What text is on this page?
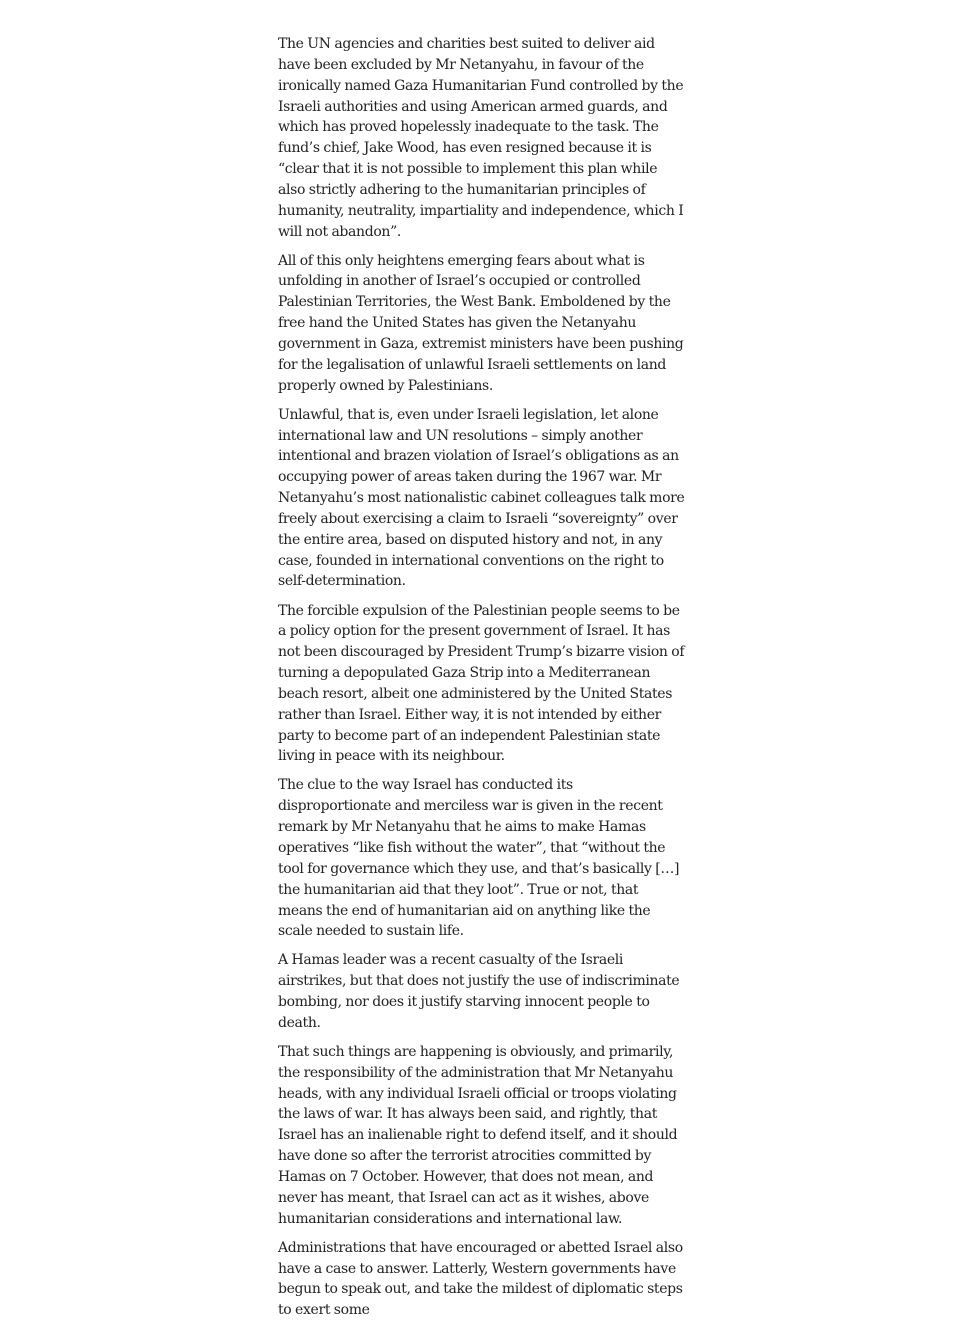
The UN agencies and charities best suited to deliver aid have been excluded by Mr Netanyahu, in favour of the ironically named Gaza Humanitarian Fund controlled by the Israeli authorities and using American armed guards, and which has proved hopelessly inadequate to the task. The fund’s chief, Jake Wood, has even resigned because it is “clear that it is not possible to implement this plan while also strictly adhering to the humanitarian principles of humanity, neutrality, impartiality and independence, which I will not abandon”.

All of this only heightens emerging fears about what is unfolding in another of Israel’s occupied or controlled Palestinian Territories, the West Bank. Emboldened by the free hand the United States has given the Netanyahu government in Gaza, extremist ministers have been pushing for the legalisation of unlawful Israeli settlements on land properly owned by Palestinians.

Unlawful, that is, even under Israeli legislation, let alone international law and UN resolutions – simply another intentional and brazen violation of Israel’s obligations as an occupying power of areas taken during the 1967 war. Mr Netanyahu’s most nationalistic cabinet colleagues talk more freely about exercising a claim to Israeli “sovereignty” over the entire area, based on disputed history and not, in any case, founded in international conventions on the right to self-determination.

The forcible expulsion of the Palestinian people seems to be a policy option for the present government of Israel. It has not been discouraged by President Trump’s bizarre vision of turning a depopulated Gaza Strip into a Mediterranean beach resort, albeit one administered by the United States rather than Israel. Either way, it is not intended by either party to become part of an independent Palestinian state living in peace with its neighbour.

The clue to the way Israel has conducted its disproportionate and merciless war is given in the recent remark by Mr Netanyahu that he aims to make Hamas operatives “like fish without the water”, that “without the tool for governance which they use, and that’s basically […] the humanitarian aid that they loot”. True or not, that means the end of humanitarian aid on anything like the scale needed to sustain life.

A Hamas leader was a recent casualty of the Israeli airstrikes, but that does not justify the use of indiscriminate bombing, nor does it justify starving innocent people to death.

That such things are happening is obviously, and primarily, the responsibility of the administration that Mr Netanyahu heads, with any individual Israeli official or troops violating the laws of war. It has always been said, and rightly, that Israel has an inalienable right to defend itself, and it should have done so after the terrorist atrocities committed by Hamas on 7 October. However, that does not mean, and never has meant, that Israel can act as it wishes, above humanitarian considerations and international law.

Administrations that have encouraged or abetted Israel also have a case to answer. Latterly, Western governments have begun to speak out, and take the mildest of diplomatic steps to exert some
